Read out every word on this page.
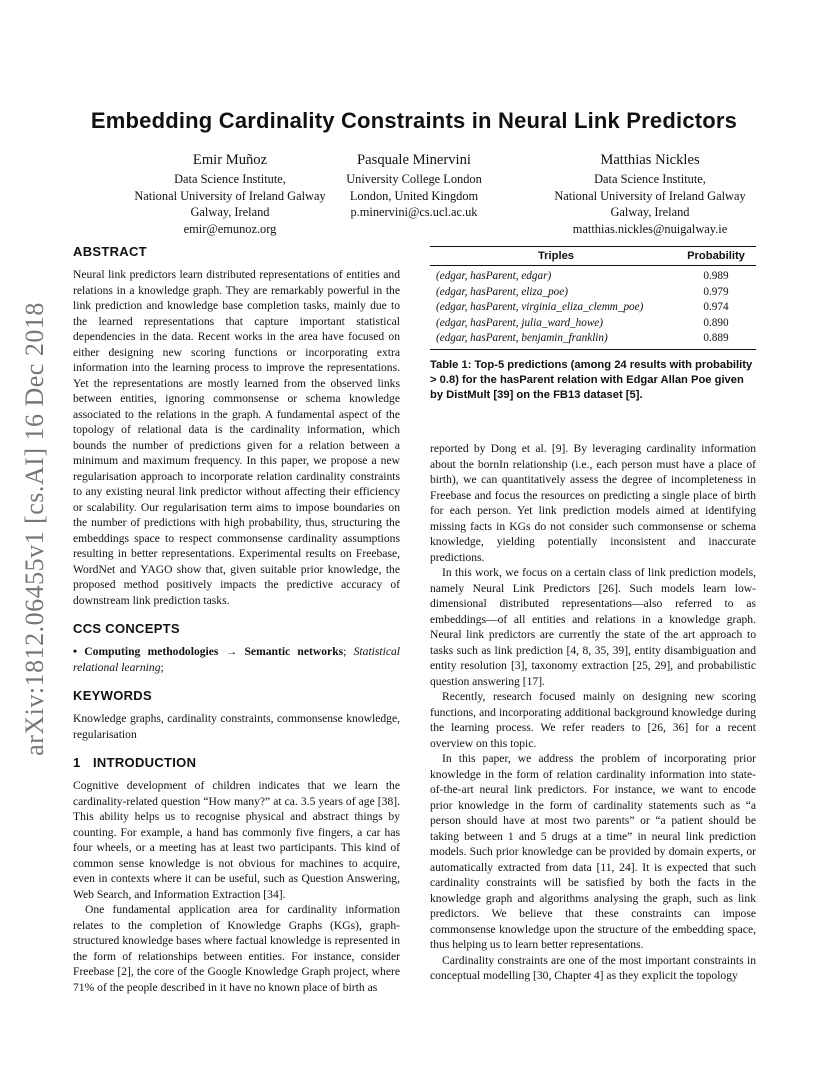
arXiv:1812.06455v1 [cs.AI] 16 Dec 2018
Embedding Cardinality Constraints in Neural Link Predictors
Emir Muñoz
Data Science Institute,
National University of Ireland Galway
Galway, Ireland
emir@emunoz.org
Pasquale Minervini
University College London
London, United Kingdom
p.minervini@cs.ucl.ac.uk
Matthias Nickles
Data Science Institute,
National University of Ireland Galway
Galway, Ireland
matthias.nickles@nuigalway.ie
ABSTRACT

Neural link predictors learn distributed representations of entities and relations in a knowledge graph. They are remarkably powerful in the link prediction and knowledge base completion tasks, mainly due to the learned representations that capture important statistical dependencies in the data. Recent works in the area have focused on either designing new scoring functions or incorporating extra information into the learning process to improve the representations. Yet the representations are mostly learned from the observed links between entities, ignoring commonsense or schema knowledge associated to the relations in the graph. A fundamental aspect of the topology of relational data is the cardinality information, which bounds the number of predictions given for a relation between a minimum and maximum frequency. In this paper, we propose a new regularisation approach to incorporate relation cardinality constraints to any existing neural link predictor without affecting their efficiency or scalability. Our regularisation term aims to impose boundaries on the number of predictions with high probability, thus, structuring the embeddings space to respect commonsense cardinality assumptions resulting in better representations. Experimental results on Freebase, WordNet and YAGO show that, given suitable prior knowledge, the proposed method positively impacts the predictive accuracy of downstream link prediction tasks.

CCS CONCEPTS

• Computing methodologies → Semantic networks; Statistical relational learning;

KEYWORDS

Knowledge graphs, cardinality constraints, commonsense knowledge, regularisation

1 INTRODUCTION

Cognitive development of children indicates that we learn the cardinality-related question “How many?” at ca. 3.5 years of age [38]. This ability helps us to recognise physical and abstract things by counting. For example, a hand has commonly five fingers, a car has four wheels, or a meeting has at least two participants. This kind of common sense knowledge is not obvious for machines to acquire, even in contexts where it can be useful, such as Question Answering, Web Search, and Information Extraction [34].

One fundamental application area for cardinality information relates to the completion of Knowledge Graphs (KGs), graph-structured knowledge bases where factual knowledge is represented in the form of relationships between entities. For instance, consider Freebase [2], the core of the Google Knowledge Graph project, where 71% of the people described in it have no known place of birth as

Triples	Probability
(edgar, hasParent, edgar)	0.989
(edgar, hasParent, eliza_poe)	0.979
(edgar, hasParent, virginia_eliza_clemm_poe)	0.974
(edgar, hasParent, julia_ward_howe)	0.890
(edgar, hasParent, benjamin_franklin)	0.889
Table 1: Top-5 predictions (among 24 results with probability > 0.8) for the hasParent relation with Edgar Allan Poe given by DistMult [39] on the FB13 dataset [5].

reported by Dong et al. [9]. By leveraging cardinality information about the bornIn relationship (i.e., each person must have a place of birth), we can quantitatively assess the degree of incompleteness in Freebase and focus the resources on predicting a single place of birth for each person. Yet link prediction models aimed at identifying missing facts in KGs do not consider such commonsense or schema knowledge, yielding potentially inconsistent and inaccurate predictions.

In this work, we focus on a certain class of link prediction models, namely Neural Link Predictors [26]. Such models learn low-dimensional distributed representations—also referred to as embeddings—of all entities and relations in a knowledge graph. Neural link predictors are currently the state of the art approach to tasks such as link prediction [4, 8, 35, 39], entity disambiguation and entity resolution [3], taxonomy extraction [25, 29], and probabilistic question answering [17].

Recently, research focused mainly on designing new scoring functions, and incorporating additional background knowledge during the learning process. We refer readers to [26, 36] for a recent overview on this topic.

In this paper, we address the problem of incorporating prior knowledge in the form of relation cardinality information into state-of-the-art neural link predictors. For instance, we want to encode prior knowledge in the form of cardinality statements such as “a person should have at most two parents” or “a patient should be taking between 1 and 5 drugs at a time” in neural link prediction models. Such prior knowledge can be provided by domain experts, or automatically extracted from data [11, 24]. It is expected that such cardinality constraints will be satisfied by both the facts in the knowledge graph and algorithms analysing the graph, such as link predictors. We believe that these constraints can impose commonsense knowledge upon the structure of the embedding space, thus helping us to learn better representations.

Cardinality constraints are one of the most important constraints in conceptual modelling [30, Chapter 4] as they explicit the topology
